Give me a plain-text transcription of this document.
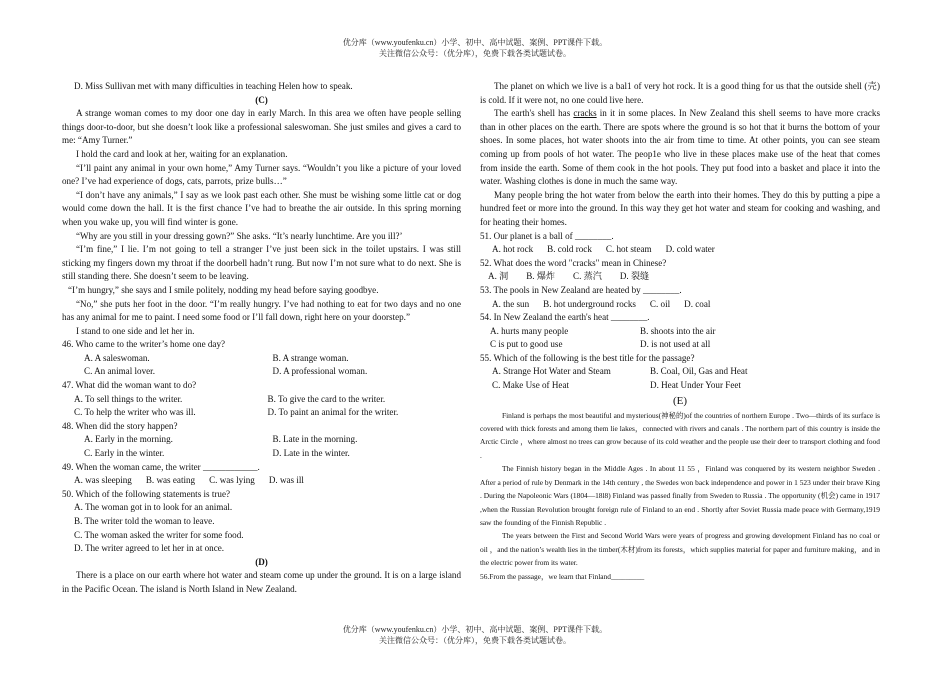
优分库（www.youfenku.cn）小学、初中、高中试题、案例、PPT课件下载。
关注微信公众号：（优分库），免费下载各类试题试卷。

D. Miss Sullivan met with many difficulties in teaching Helen how to speak.

(C)

A strange woman comes to my door one day in early March. In this area we often have people selling things door-to-door, but she doesn’t look like a professional saleswoman. She just smiles and gives a card to me: “Amy Turner.”

I hold the card and look at her, waiting for an explanation.

“I’ll paint any animal in your own home,” Amy Turner says. “Wouldn’t you like a picture of your loved one? I’ve had experience of dogs, cats, parrots, prize bulls…”

“I don’t have any animals,” I say as we look past each other. She must be wishing some little cat or dog would come down the hall. It is the first chance I’ve had to breathe the air outside. In this spring morning when you wake up, you will find winter is gone.

“Why are you still in your dressing gown?” She asks. “It’s nearly lunchtime. Are you ill?’

“I’m fine,” I lie. I’m not going to tell a stranger I’ve just been sick in the toilet upstairs. I was still sticking my fingers down my throat if the doorbell hadn’t rung. But now I’m not sure what to do next. She is still standing there. She doesn’t seem to be leaving.

“I’m hungry,” she says and I smile politely, nodding my head before saying goodbye.

“No,” she puts her foot in the door. “I’m really hungry. I’ve had nothing to eat for two days and no one has any animal for me to paint. I need some food or I’ll fall down, right here on your doorstep.”

I stand to one side and let her in.

46. Who came to the writer’s home one day?

A. A saleswoman.	B. A strange woman.
C. An animal lover.	D. A professional woman.

47. What did the woman want to do?

A. To sell things to the writer.	B. To give the card to the writer.
C. To help the writer who was ill.	D. To paint an animal for the writer.

48. When did the story happen?

A. Early in the morning.	B. Late in the morning.
C. Early in the winter.	D. Late in the winter.

49. When the woman came, the writer ____________.

A. was sleeping B. was eating C. was lying D. was ill

50. Which of the following statements is true?

A. The woman got in to look for an animal.

B. The writer told the woman to leave.

C. The woman asked the writer for some food.

D. The writer agreed to let her in at once.

(D)

There is a place on our earth where hot water and steam come up under the ground. It is on a large island in the Pacific Ocean. The island is North Island in New Zealand.

The planet on which we live is a bal1 of very hot rock. It is a good thing for us that the outside shell (壳) is cold. If it were not, no one could live here.

The earth's shell has cracks in it in some places. In New Zealand this shell seems to have more cracks than in other places on the earth. There are spots where the ground is so hot that it burns the bottom of your shoes. In some places, hot water shoots into the air from time to time. At other points, you can see steam coming up from pools of hot water. The peop1e who live in these places make use of the heat that comes from inside the earth. Some of them cook in the hot pools. They put food into a basket and place it into the water. Washing clothes is done in much the same way.

Many people bring the hot water from below the earth into their homes. They do this by putting a pipe a hundred feet or more into the ground. In this way they get hot water and steam for cooking and washing, and for heating their homes.

51. Our planet is a ball of ________.

A. hot rock B. cold rock C. hot steam D. cold water

52. What does the word "cracks" mean in Chinese?

A. 洞 B. 爆炸 C. 蒸汽 D. 裂缝

53. The pools in New Zealand are heated by ________.

A. the sun B. hot underground rocks C. oil D. coal

54. In New Zealand the earth's heat ________.

A. hurts many people	B. shoots into the air
C is put to good use	D. is not used at all

55. Which of the following is the best title for the passage?

A. Strange Hot Water and Steam	B. Coal, Oil, Gas and Heat
C. Make Use of Heat	D. Heat Under Your Feet

(E)

Finland is perhaps the most beautiful and mysterious(神秘的)of the countries of northern Europe . Two—thirds of its surface is covered with thick forests and among them lie lakes，connected with rivers and canals . The northern part of this country is inside the Arctic Circle ，where almost no trees can grow because of its cold weather and the people use their deer to transport clothing and food .

The Finnish history began in the Middle Ages . In about 11 55 ，Finland was conquered by its western neighbor Sweden . After a period of rule by Denmark in the 14th century , the Swedes won back independence and power in 1 523 under their brave King . During the Napoleonic Wars (1804—18l8) Finland was passed finally from Sweden to Russia . The opportunity (机会) came in 1917 ,when the Russian Revolution brought foreign rule of Finland to an end . Shortly after Soviet Russia made peace with Germany,1919 saw the founding of the Finnish Republic .

The years between the First and Second World Wars were years of progress and growing development Finland has no coal or oil ，and the nation’s wealth lies in the timber(木材)from its forests，which supplies material for paper and furniture making，and in the electric power from its water.

56.From the passage，we learn that Finland_________

优分库（www.youfenku.cn）小学、初中、高中试题、案例、PPT课件下载。
关注微信公众号：（优分库），免费下载各类试题试卷。
